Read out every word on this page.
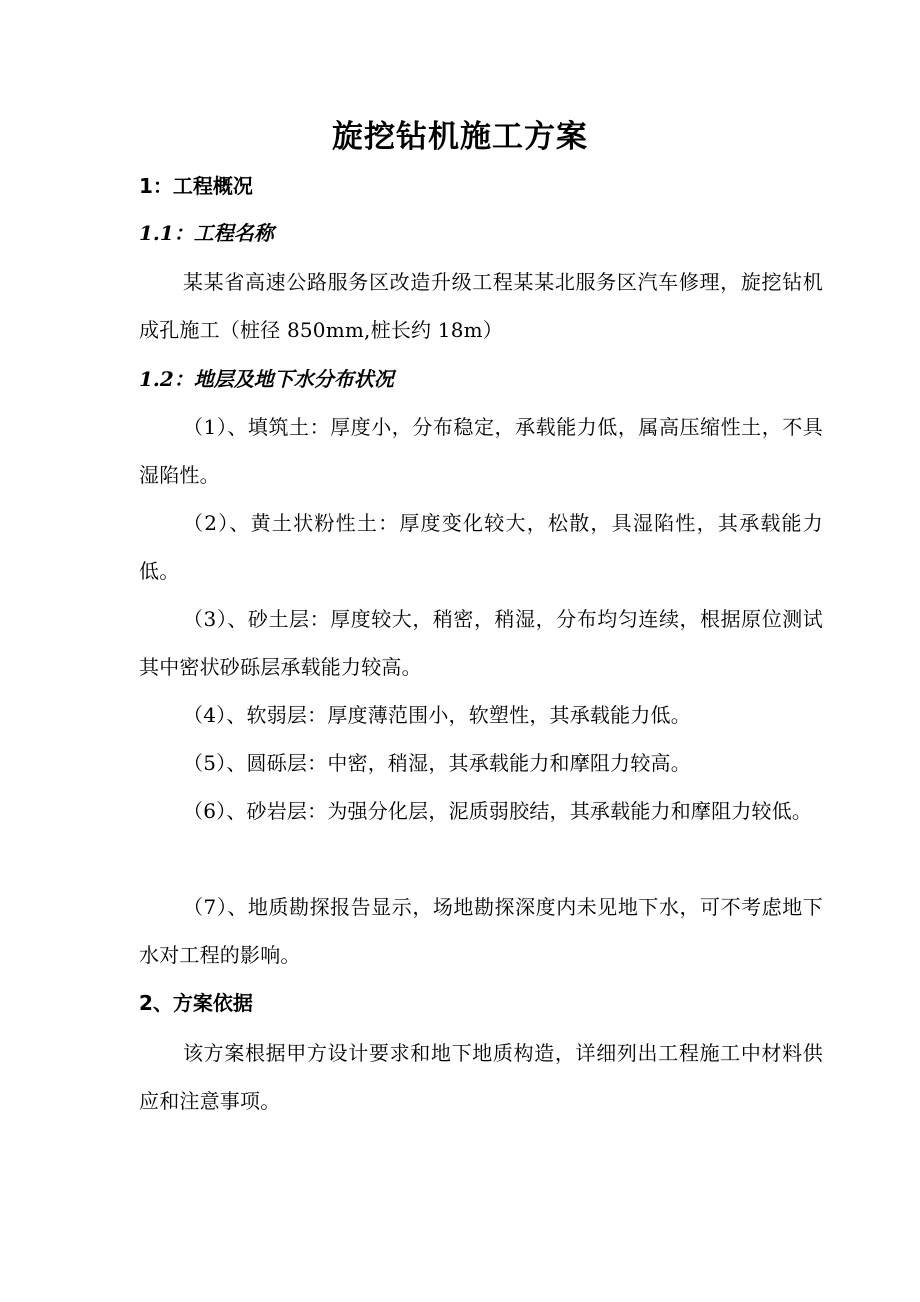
旋挖钻机施工方案
1：工程概况
1.1：工程名称
某某省高速公路服务区改造升级工程某某北服务区汽车修理，旋挖钻机成孔施工（桩径 850mm,桩长约 18m）
1.2：地层及地下水分布状况
（1）、填筑土：厚度小，分布稳定，承载能力低，属高压缩性土，不具湿陷性。
（2）、黄土状粉性土：厚度变化较大，松散，具湿陷性，其承载能力低。
（3）、砂土层：厚度较大，稍密，稍湿，分布均匀连续，根据原位测试其中密状砂砾层承载能力较高。
（4）、软弱层：厚度薄范围小，软塑性，其承载能力低。
（5）、圆砾层：中密，稍湿，其承载能力和摩阻力较高。
（6）、砂岩层：为强分化层，泥质弱胶结，其承载能力和摩阻力较低。
（7）、地质勘探报告显示，场地勘探深度内未见地下水，可不考虑地下水对工程的影响。
2、方案依据
该方案根据甲方设计要求和地下地质构造，详细列出工程施工中材料供应和注意事项。
